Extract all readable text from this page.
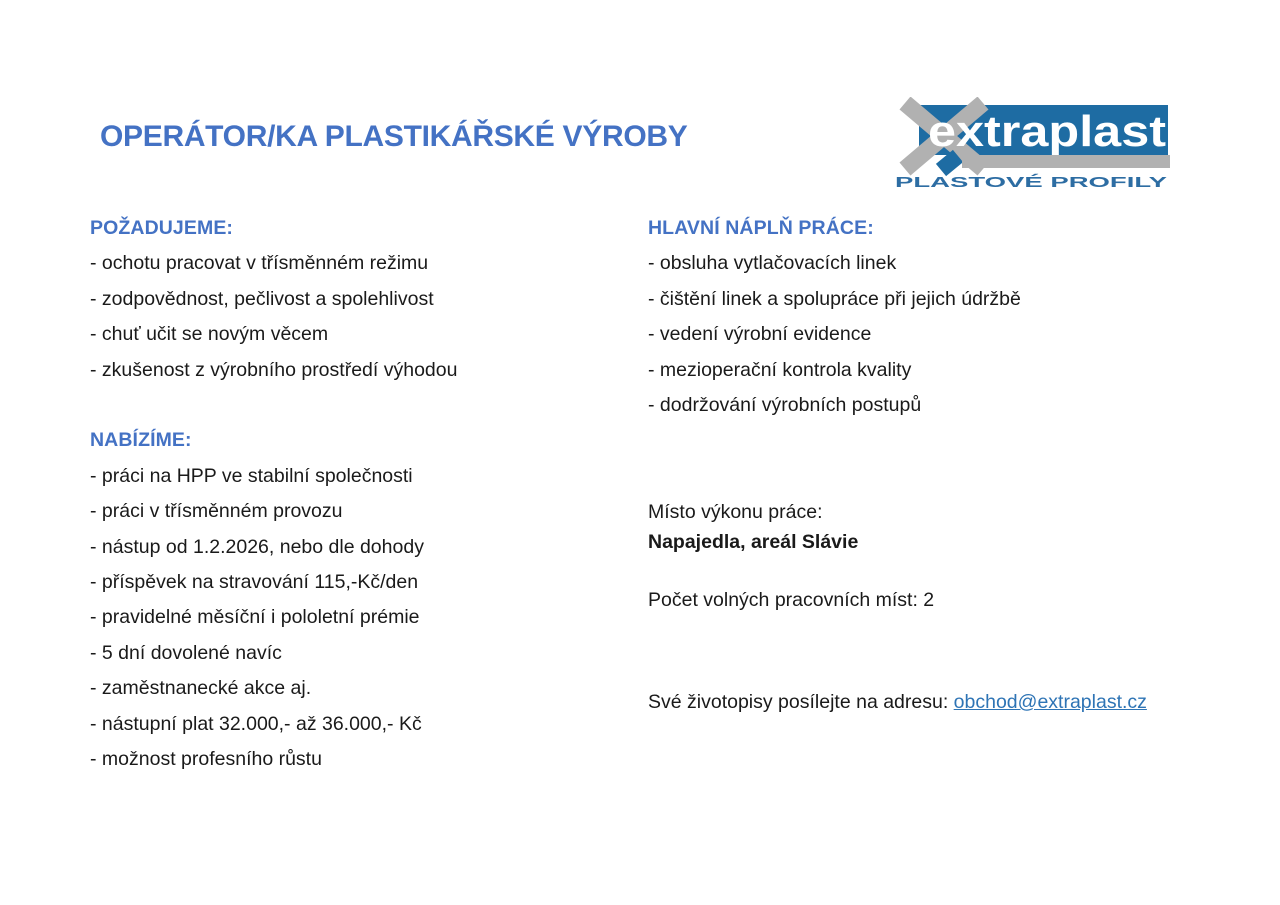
OPERÁTOR/KA PLASTIKÁŘSKÉ VÝROBY	extraplast
PLASTOVÉ PROFILY
POŽADUJEME:
- ochotu pracovat v třísměnném režimu
- zodpovědnost, pečlivost a spolehlivost
- chuť učit se novým věcem
- zkušenost z výrobního prostředí výhodou
NABÍZÍME:
- práci na HPP ve stabilní společnosti
- práci v třísměnném provozu
- nástup od 1.2.2026, nebo dle dohody
- příspěvek na stravování 115,-Kč/den
- pravidelné měsíční i pololetní prémie
- 5 dní dovolené navíc
- zaměstnanecké akce aj.
- nástupní plat 32.000,- až 36.000,- Kč
- možnost profesního růstu
HLAVNÍ NÁPLŇ PRÁCE:
- obsluha vytlačovacích linek
- čištění linek a spolupráce při jejich údržbě
- vedení výrobní evidence
- mezioperační kontrola kvality
- dodržování výrobních postupů
Místo výkonu práce:
Napajedla, areál Slávie
Počet volných pracovních míst: 2
Své životopisy posílejte na adresu: obchod@extraplast.cz
